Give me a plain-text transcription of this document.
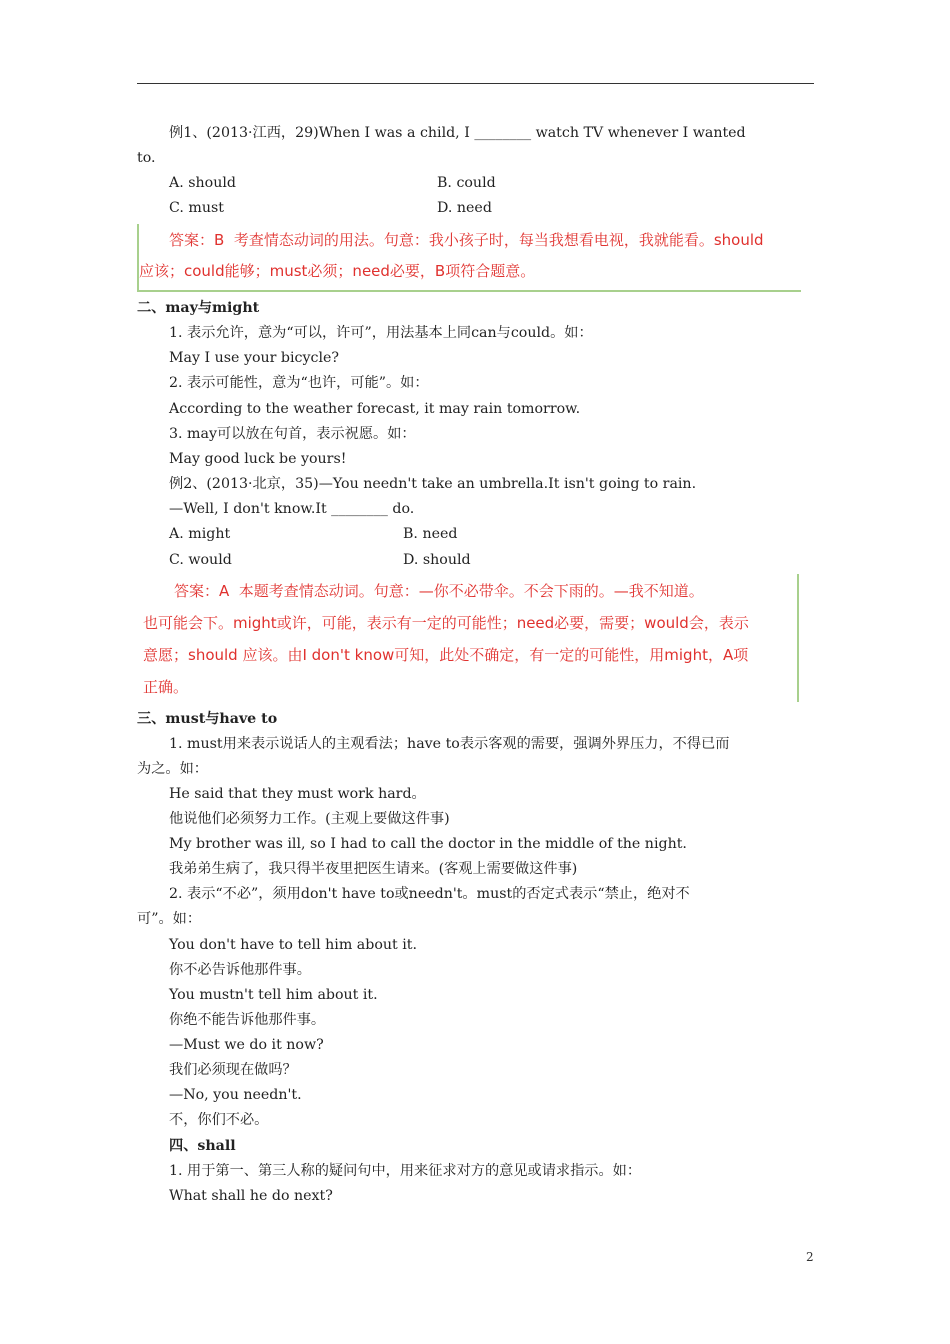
例1、(2013·江西，29)When I was a child, I ________ watch TV whenever I wanted
to.
A. should	B. could
C. must	D. need
二、may与might
1. 表示允许，意为“可以，许可”，用法基本上同can与could。如：
May I use your bicycle?
2. 表示可能性，意为“也许，可能”。如：
According to the weather forecast, it may rain tomorrow.
3. may可以放在句首，表示祝愿。如：
May good luck be yours!
例2、(2013·北京，35)—You needn't take an umbrella.It isn't going to rain.
—Well, I don't know.It ________ do.
A. might	B. need
C. would	D. should
三、must与have to
1. must用来表示说话人的主观看法；have to表示客观的需要，强调外界压力，不得已而
为之。如：
He said that they must work hard。
他说他们必须努力工作。(主观上要做这件事)
My brother was ill, so I had to call the doctor in the middle of the night.
我弟弟生病了，我只得半夜里把医生请来。(客观上需要做这件事)
2. 表示“不必”，须用don't have to或needn't。must的否定式表示“禁止，绝对不
可”。如：
You don't have to tell him about it.
你不必告诉他那件事。
You mustn't tell him about it.
你绝不能告诉他那件事。
—Must we do it now?
我们必须现在做吗？
—No, you needn't.
不，你们不必。
四、shall
1. 用于第一、第三人称的疑问句中，用来征求对方的意见或请求指示。如：
What shall he do next?
答案：B  考查情态动词的用法。句意：我小孩子时，每当我想看电视，我就能看。should
应该；could能够；must必须；need必要，B项符合题意。
答案：A  本题考查情态动词。句意：—你不必带伞。不会下雨的。—我不知道。
也可能会下。might或许，可能，表示有一定的可能性；need必要，需要；would会，表示
意愿；should 应该。由I don't know可知，此处不确定，有一定的可能性，用might，A项
正确。
2
